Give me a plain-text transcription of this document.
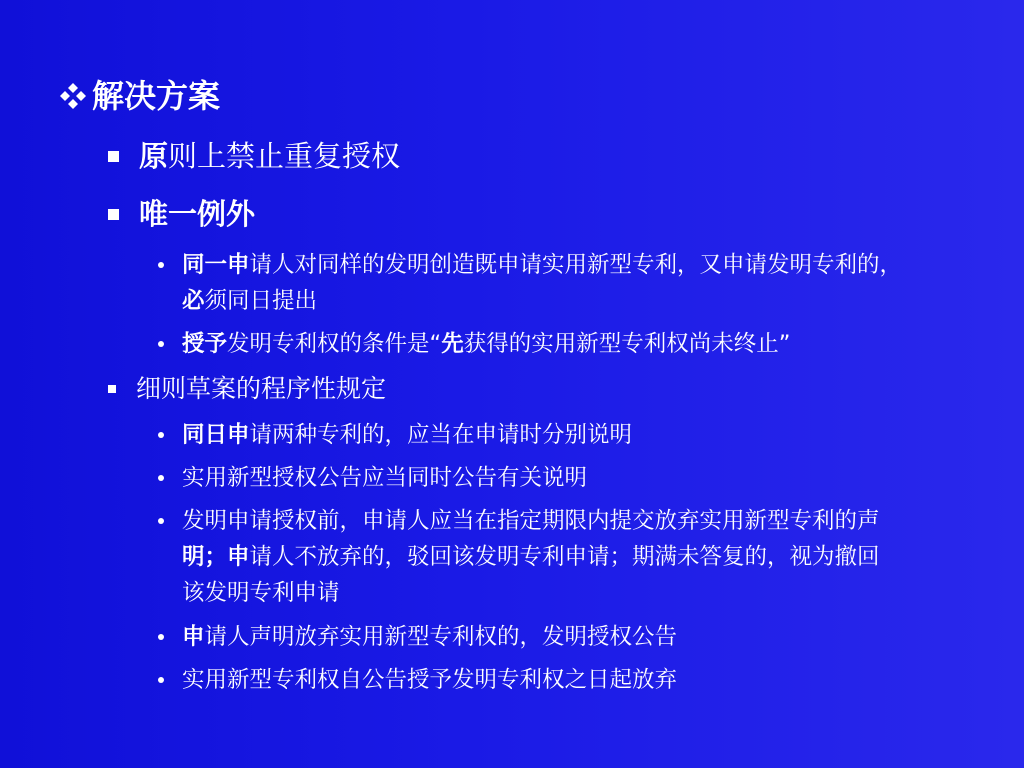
解决方案
原则上禁止重复授权
唯一例外
同一申请人对同样的发明创造既申请实用新型专利，又申请发明专利的，
必须同日提出
授予发明专利权的条件是“先获得的实用新型专利权尚未终止”
细则草案的程序性规定
同日申请两种专利的，应当在申请时分别说明
实用新型授权公告应当同时公告有关说明
发明申请授权前，申请人应当在指定期限内提交放弃实用新型专利的声
明；申请人不放弃的，驳回该发明专利申请；期满未答复的，视为撤回
该发明专利申请
申请人声明放弃实用新型专利权的，发明授权公告
实用新型专利权自公告授予发明专利权之日起放弃
